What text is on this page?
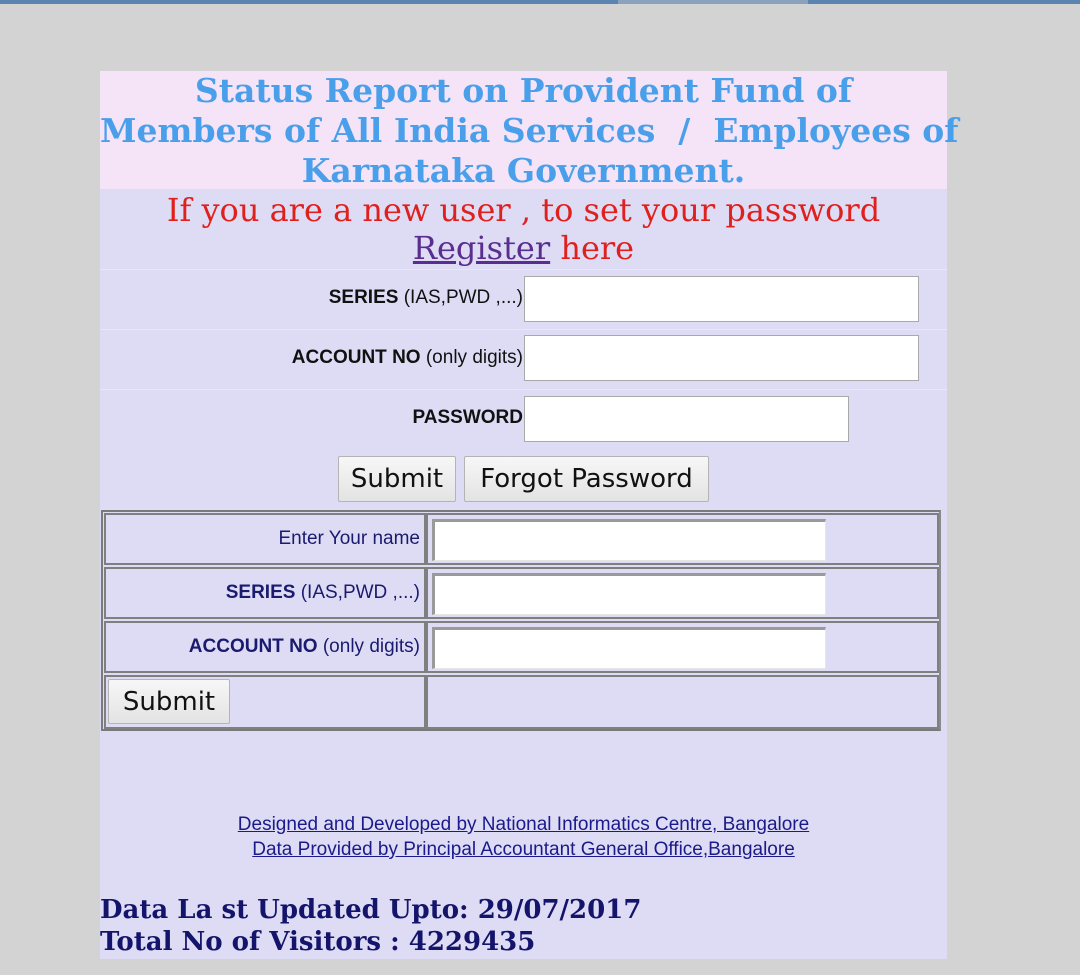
Status Report on Provident Fund of
Members of All India Services  /  Employees of
Karnataka Government.
If you are a new user , to set your password
Register here
SERIES (IAS,PWD ,...)
ACCOUNT NO (only digits)
PASSWORD
Submit	Forgot Password
Enter Your name
SERIES (IAS,PWD ,...)
ACCOUNT NO (only digits)
Submit
Designed and Developed by National Informatics Centre, Bangalore
Data Provided by Principal Accountant General Office,Bangalore
Data La st Updated Upto: 29/07/2017
Total No of Visitors : 4229435
